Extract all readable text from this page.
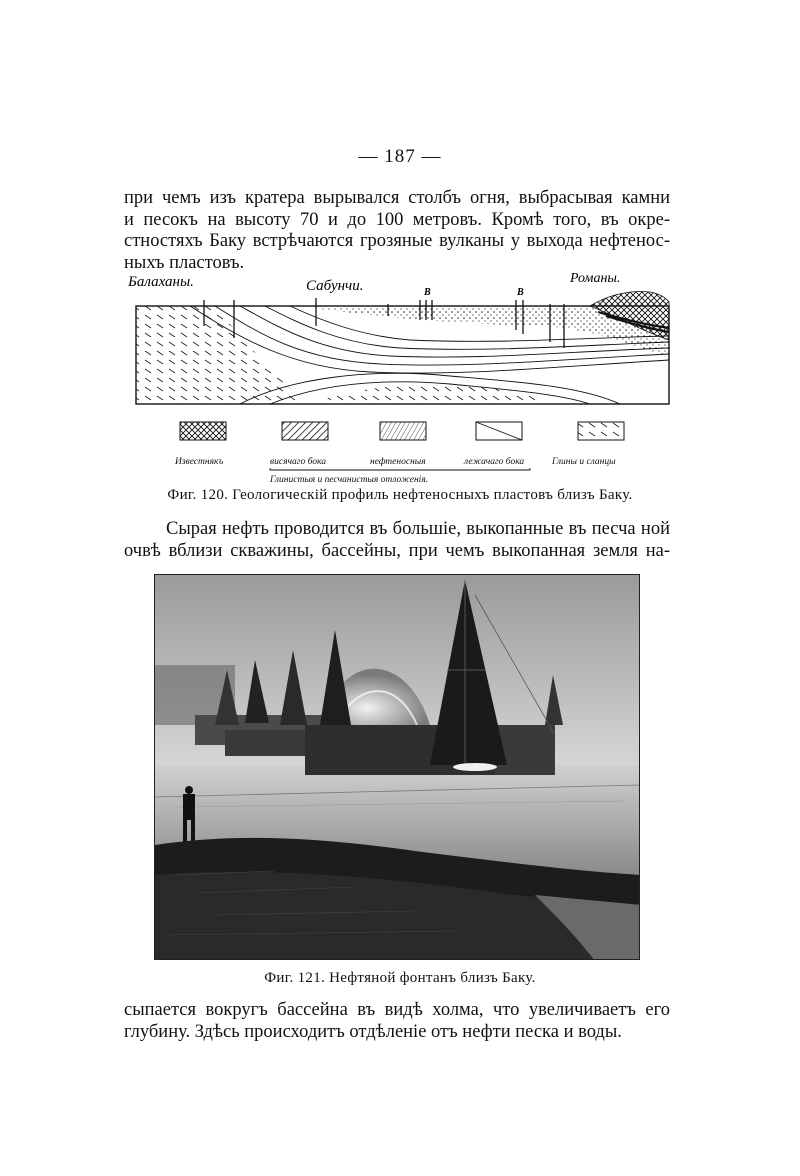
— 187 —
при чемъ изъ кратера вырывался столбъ огня, выбрасывая камни
и песокъ на высоту 70 и до 100 метровъ. Кромѣ того, въ окре-
стностяхъ Баку встрѣчаются грозяные вулканы у выхода нефтенос-
ныхъ пластовъ.
Балаханы.	Сабунчи.	Романы.
B	B
Известнякъ	висячаго бока	нефтеносныя	лежачаго бока	Глины и сланцы
Глинистыя и песчанистыя отложенія.
Фиг. 120. Геологическій профиль нефтеносныхъ пластовъ близъ Баку.
Сырая нефть проводится въ большіе, выкопанные въ песча ной
очвѣ вблизи скважины, бассейны, при чемъ выкопанная земля на-
Фиг. 121. Нефтяной фонтанъ близъ Баку.
сыпается вокругъ бассейна въ видѣ холма, что увеличиваетъ его
глубину. Здѣсь происходитъ отдѣленіе отъ нефти песка и воды.
